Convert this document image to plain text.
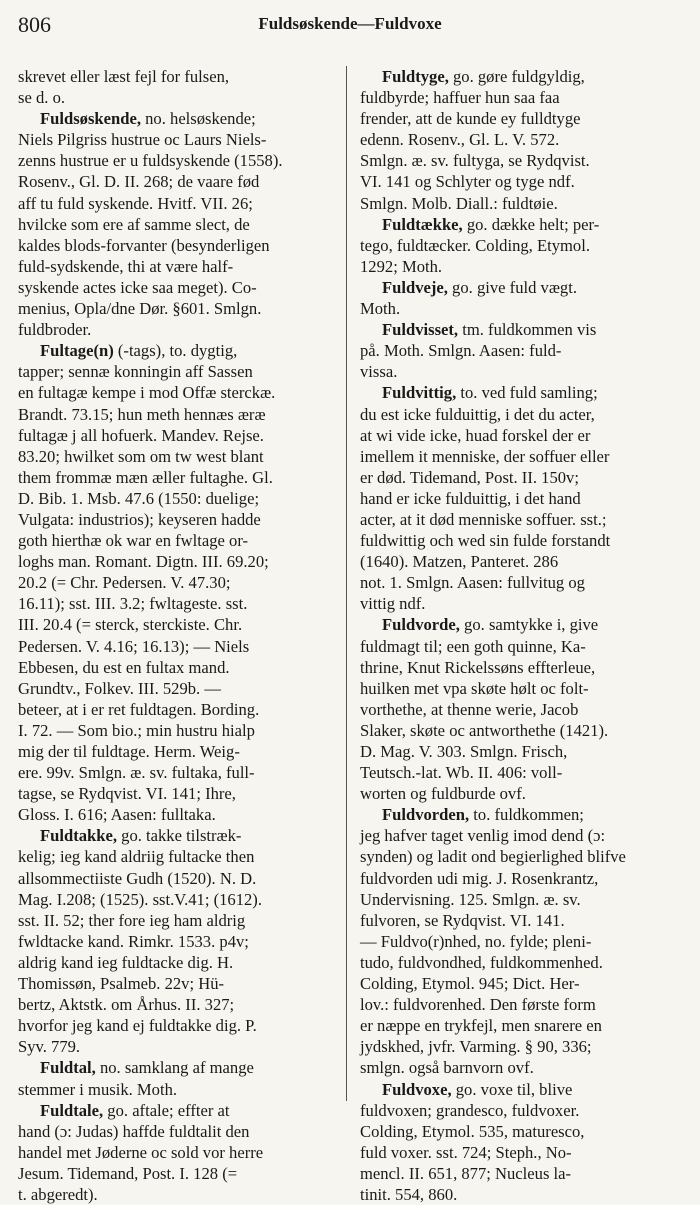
806	Fuldsøskende—Fuldvoxe
skrevet eller læst fejl for fulsen,
se d. o.
Fuldsøskende, no. helsøskende;
Niels Pilgriss hustrue oc Laurs Niels-
zenns hustrue er u fuldsyskende (1558).
Rosenv., Gl. D. II. 268; de vaare fød
aff tu fuld syskende. Hvitf. VII. 26;
hvilcke som ere af samme slect, de
kaldes blods-forvanter (besynderligen
fuld-sydskende, thi at være half-
syskende actes icke saa meget). Co-
menius, Opla/dne Dør. §601. Smlgn.
fuldbroder.
Fultage(n) (-tags), to. dygtig,
tapper; sennæ konningin aff Sassen
en fultagæ kempe i mod Offæ sterckæ.
Brandt. 73.15; hun meth hennæs æræ
fultagæ j all hofuerk. Mandev. Rejse.
83.20; hwilket som om tw west blant
them frommæ mæn æller fultaghe. Gl.
D. Bib. 1. Msb. 47.6 (1550: duelige;
Vulgata: industrios); keyseren hadde
goth hierthæ ok war en fwltage or-
loghs man. Romant. Digtn. III. 69.20;
20.2 (= Chr. Pedersen. V. 47.30;
16.11); sst. III. 3.2; fwltageste. sst.
III. 20.4 (= sterck, sterckiste. Chr.
Pedersen. V. 4.16; 16.13); — Niels
Ebbesen, du est en fultax mand.
Grundtv., Folkev. III. 529b. —
beteer, at i er ret fuldtagen. Bording.
I. 72. — Som bio.; min hustru hialp
mig der til fuldtage. Herm. Weig-
ere. 99v. Smlgn. æ. sv. fultaka, full-
tagse, se Rydqvist. VI. 141; Ihre,
Gloss. I. 616; Aasen: fulltaka.
Fuldtakke, go. takke tilstræk-
kelig; ieg kand aldriig fultacke then
allsommectiiste Gudh (1520). N. D.
Mag. I.208; (1525). sst.V.41; (1612).
sst. II. 52; ther fore ieg ham aldrig
fwldtacke kand. Rimkr. 1533. p4v;
aldrig kand ieg fuldtacke dig. H.
Thomissøn, Psalmeb. 22v; Hü-
bertz, Aktstk. om Århus. II. 327;
hvorfor jeg kand ej fuldtakke dig. P.
Syv. 779.
Fuldtal, no. samklang af mange
stemmer i musik. Moth.
Fuldtale, go. aftale; effter at
hand (ɔ: Judas) haffde fuldtalit den
handel met Jøderne oc sold vor herre
Jesum. Tidemand, Post. I. 128 (=
t. abgeredt).
Fuldtyge, go. gøre fuldgyldig,
fuldbyrde; haffuer hun saa faa
frender, att de kunde ey fulldtyge
edenn. Rosenv., Gl. L. V. 572.
Smlgn. æ. sv. fultyga, se Rydqvist.
VI. 141 og Schlyter og tyge ndf.
Smlgn. Molb. Diall.: fuldtøie.
Fuldtække, go. dække helt; per-
tego, fuldtæcker. Colding, Etymol.
1292; Moth.
Fuldveje, go. give fuld vægt.
Moth.
Fuldvisset, tm. fuldkommen vis
på. Moth. Smlgn. Aasen: fuld-
vissa.
Fuldvittig, to. ved fuld samling;
du est icke fulduittig, i det du acter,
at wi vide icke, huad forskel der er
imellem it menniske, der soffuer eller
er død. Tidemand, Post. II. 150v;
hand er icke fulduittig, i det hand
acter, at it død menniske soffuer. sst.;
fuldwittig och wed sin fulde forstandt
(1640). Matzen, Panteret. 286
not. 1. Smlgn. Aasen: fullvitug og
vittig ndf.
Fuldvorde, go. samtykke i, give
fuldmagt til; een goth quinne, Ka-
thrine, Knut Rickelssøns effterleue,
huilken met vpa skøte hølt oc folt-
vorthethe, at thenne werie, Jacob
Slaker, skøte oc antworthethe (1421).
D. Mag. V. 303. Smlgn. Frisch,
Teutsch.-lat. Wb. II. 406: voll-
worten og fuldburde ovf.
Fuldvorden, to. fuldkommen;
jeg hafver taget venlig imod dend (ɔ:
synden) og ladit ond begierlighed blifve
fuldvorden udi mig. J. Rosenkrantz,
Undervisning. 125. Smlgn. æ. sv.
fulvoren, se Rydqvist. VI. 141.
— Fuldvo(r)nhed, no. fylde; pleni-
tudo, fuldvondhed, fuldkommenhed.
Colding, Etymol. 945; Dict. Her-
lov.: fuldvorenhed. Den første form
er næppe en trykfejl, men snarere en
jydskhed, jvfr. Varming. § 90, 336;
smlgn. også barnvorn ovf.
Fuldvoxe, go. voxe til, blive
fuldvoxen; grandesco, fuldvoxer.
Colding, Etymol. 535, maturesco,
fuld voxer. sst. 724; Steph., No-
mencl. II. 651, 877; Nucleus la-
tinit. 554, 860.
